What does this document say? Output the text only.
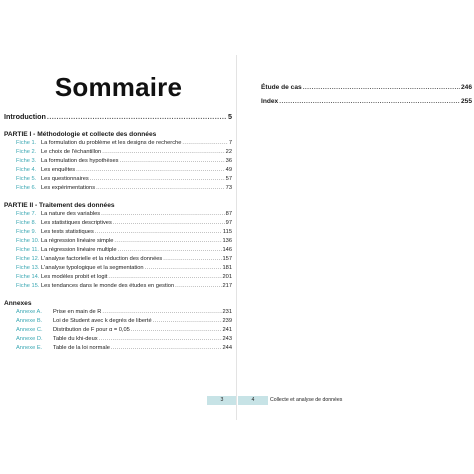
Sommaire
Introduction .....	5
PARTIE I - Méthodologie et collecte des données
Fiche 1. La formulation du problème et les designs de recherche .....	7
Fiche 2. Le choix de l'échantillon .....	22
Fiche 3. La formulation des hypothèses .....	36
Fiche 4. Les enquêtes .....	49
Fiche 5. Les questionnaires .....	57
Fiche 6. Les expérimentations .....	73
PARTIE II - Traitement des données
Fiche 7. La nature des variables .....	87
Fiche 8. Les statistiques descriptives .....	97
Fiche 9. Les tests statistiques .....	115
Fiche 10. La régression linéaire simple .....	136
Fiche 11. La régression linéaire multiple .....	146
Fiche 12. L'analyse factorielle et la réduction des données .....	157
Fiche 13. L'analyse typologique et la segmentation .....	181
Fiche 14. Les modèles probit et logit .....	201
Fiche 15. Les tendances dans le monde des études en gestion .....	217
Annexes
Annexe A.	Prise en main de R .....	231
Annexe B.	Loi de Student avec k degrés de liberté .....	239
Annexe C.	Distribution de F pour α = 0,05 .....	241
Annexe D.	Table du khi-deux .....	243
Annexe E.	Table de la loi normale .....	244
3
Étude de cas .....	246
Index .....	255
4	Collecte et analyse de données
